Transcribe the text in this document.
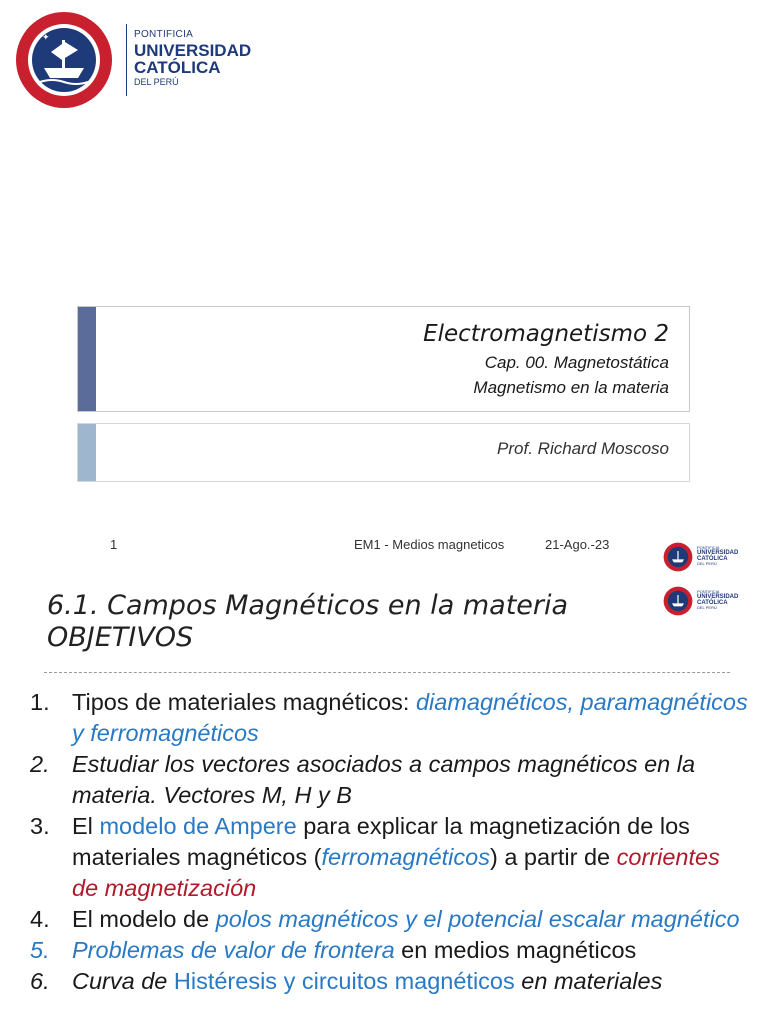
✦	PONTIFICIA
UNIVERSIDAD
CATÓLICA
DEL PERÚ
Electromagnetismo 2
Cap. 00. Magnetostática
Magnetismo en la materia
Prof. Richard Moscoso
1	EM1 - Medios magneticos	21-Ago.-23	PONTIFICIA
UNIVERSIDAD
CATÓLICA
DEL PERÚ
PONTIFICIA
UNIVERSIDAD
CATÓLICA
DEL PERÚ
6.1. Campos Magnéticos en la materia
OBJETIVOS
1. Tipos de materiales magnéticos: diamagnéticos, paramagnéticos y ferromagnéticos
2. Estudiar los vectores asociados a campos magnéticos en la materia. Vectores M, H y B
3. El modelo de Ampere para explicar la magnetización de los materiales magnéticos (ferromagnéticos) a partir de corrientes de magnetización
4. El modelo de polos magnéticos y el potencial escalar magnético
5. Problemas de valor de frontera en medios magnéticos
6. Curva de Histéresis y circuitos magnéticos en materiales
